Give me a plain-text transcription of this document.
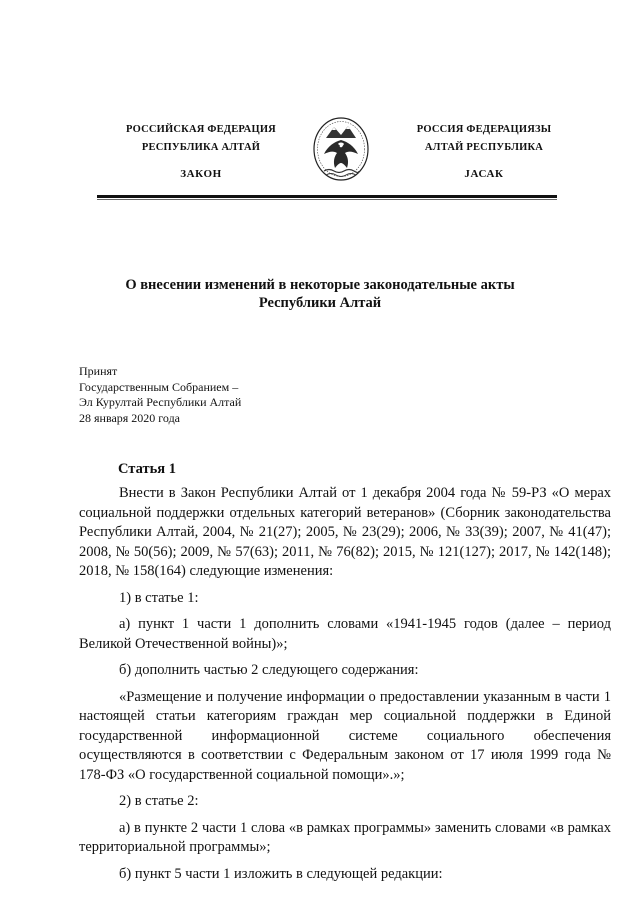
РОССИЙСКАЯ ФЕДЕРАЦИЯ
РЕСПУБЛИКА АЛТАЙ
ЗАКОН
РОССИЯ ФЕДЕРАЦИЯЗЫ
АЛТАЙ РЕСПУБЛИКА
ЈАСАК
О внесении изменений в некоторые законодательные акты
Республики Алтай
Принят
Государственным Собранием –
Эл Курултай Республики Алтай
28 января 2020 года
Статья 1

Внести в Закон Республики Алтай от 1 декабря 2004 года № 59-РЗ «О мерах социальной поддержки отдельных категорий ветеранов» (Сборник законодательства Республики Алтай, 2004, № 21(27); 2005, № 23(29); 2006, № 33(39); 2007, № 41(47); 2008, № 50(56); 2009, № 57(63); 2011, № 76(82); 2015, № 121(127); 2017, № 142(148); 2018, № 158(164) следующие изменения:

1) в статье 1:

а) пункт 1 части 1 дополнить словами «1941-1945 годов (далее – период Великой Отечественной войны)»;

б) дополнить частью 2 следующего содержания:

«Размещение и получение информации о предоставлении указанным в части 1 настоящей статьи категориям граждан мер социальной поддержки в Единой государственной информационной системе социального обеспечения осуществляются в соответствии с Федеральным законом от 17 июля 1999 года № 178-ФЗ «О государственной социальной помощи».»;

2) в статье 2:

а) в пункте 2 части 1 слова «в рамках программы» заменить словами «в рамках территориальной программы»;

б) пункт 5 части 1 изложить в следующей редакции:
